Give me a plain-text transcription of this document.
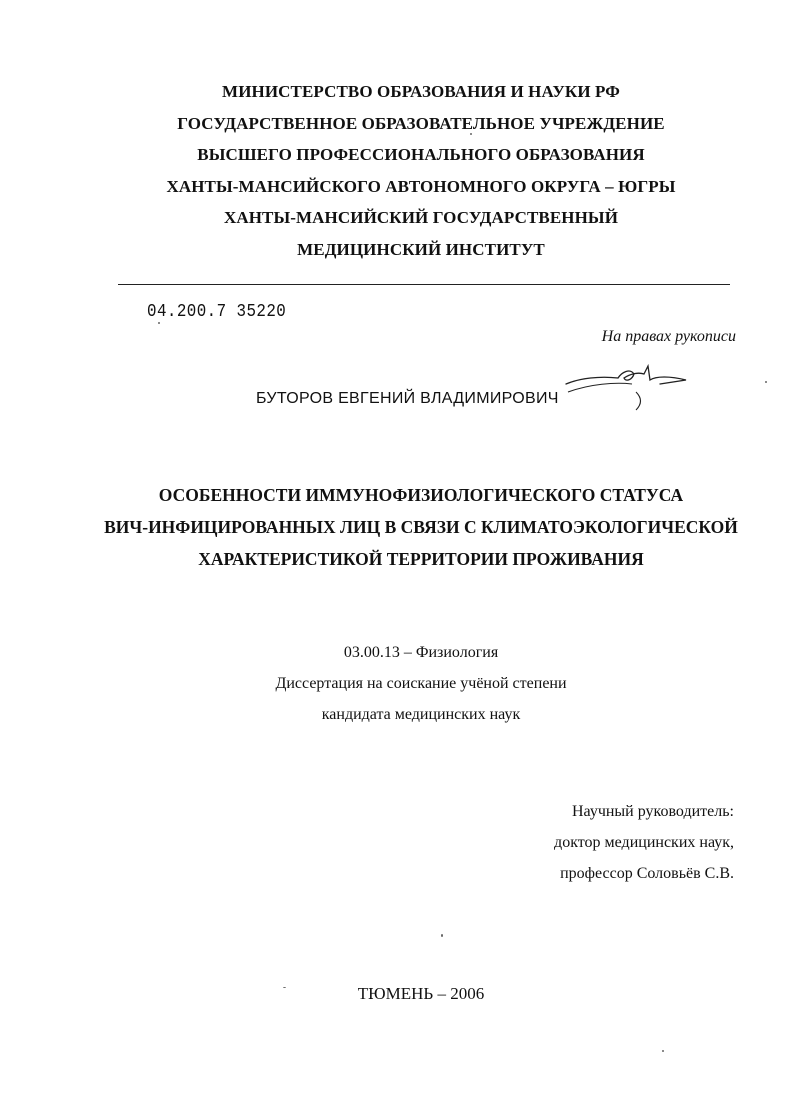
МИНИСТЕРСТВО ОБРАЗОВАНИЯ И НАУКИ РФ
ГОСУДАРСТВЕННОЕ ОБРАЗОВАТЕЛЬНОЕ УЧРЕЖДЕНИЕ
ВЫСШЕГО ПРОФЕССИОНАЛЬНОГО ОБРАЗОВАНИЯ
ХАНТЫ-МАНСИЙСКОГО АВТОНОМНОГО ОКРУГА – ЮГРЫ
ХАНТЫ-МАНСИЙСКИЙ ГОСУДАРСТВЕННЫЙ
МЕДИЦИНСКИЙ ИНСТИТУТ
04.200.7 35220
На правах рукописи
БУТОРОВ ЕВГЕНИЙ ВЛАДИМИРОВИЧ
ОСОБЕННОСТИ ИММУНОФИЗИОЛОГИЧЕСКОГО СТАТУСА
ВИЧ-ИНФИЦИРОВАННЫХ ЛИЦ В СВЯЗИ С КЛИМАТОЭКОЛОГИЧЕСКОЙ
ХАРАКТЕРИСТИКОЙ ТЕРРИТОРИИ ПРОЖИВАНИЯ
03.00.13 – Физиология
Диссертация на соискание учёной степени
кандидата медицинских наук
Научный руководитель:
доктор медицинских наук,
профессор Соловьёв С.В.
ТЮМЕНЬ – 2006
